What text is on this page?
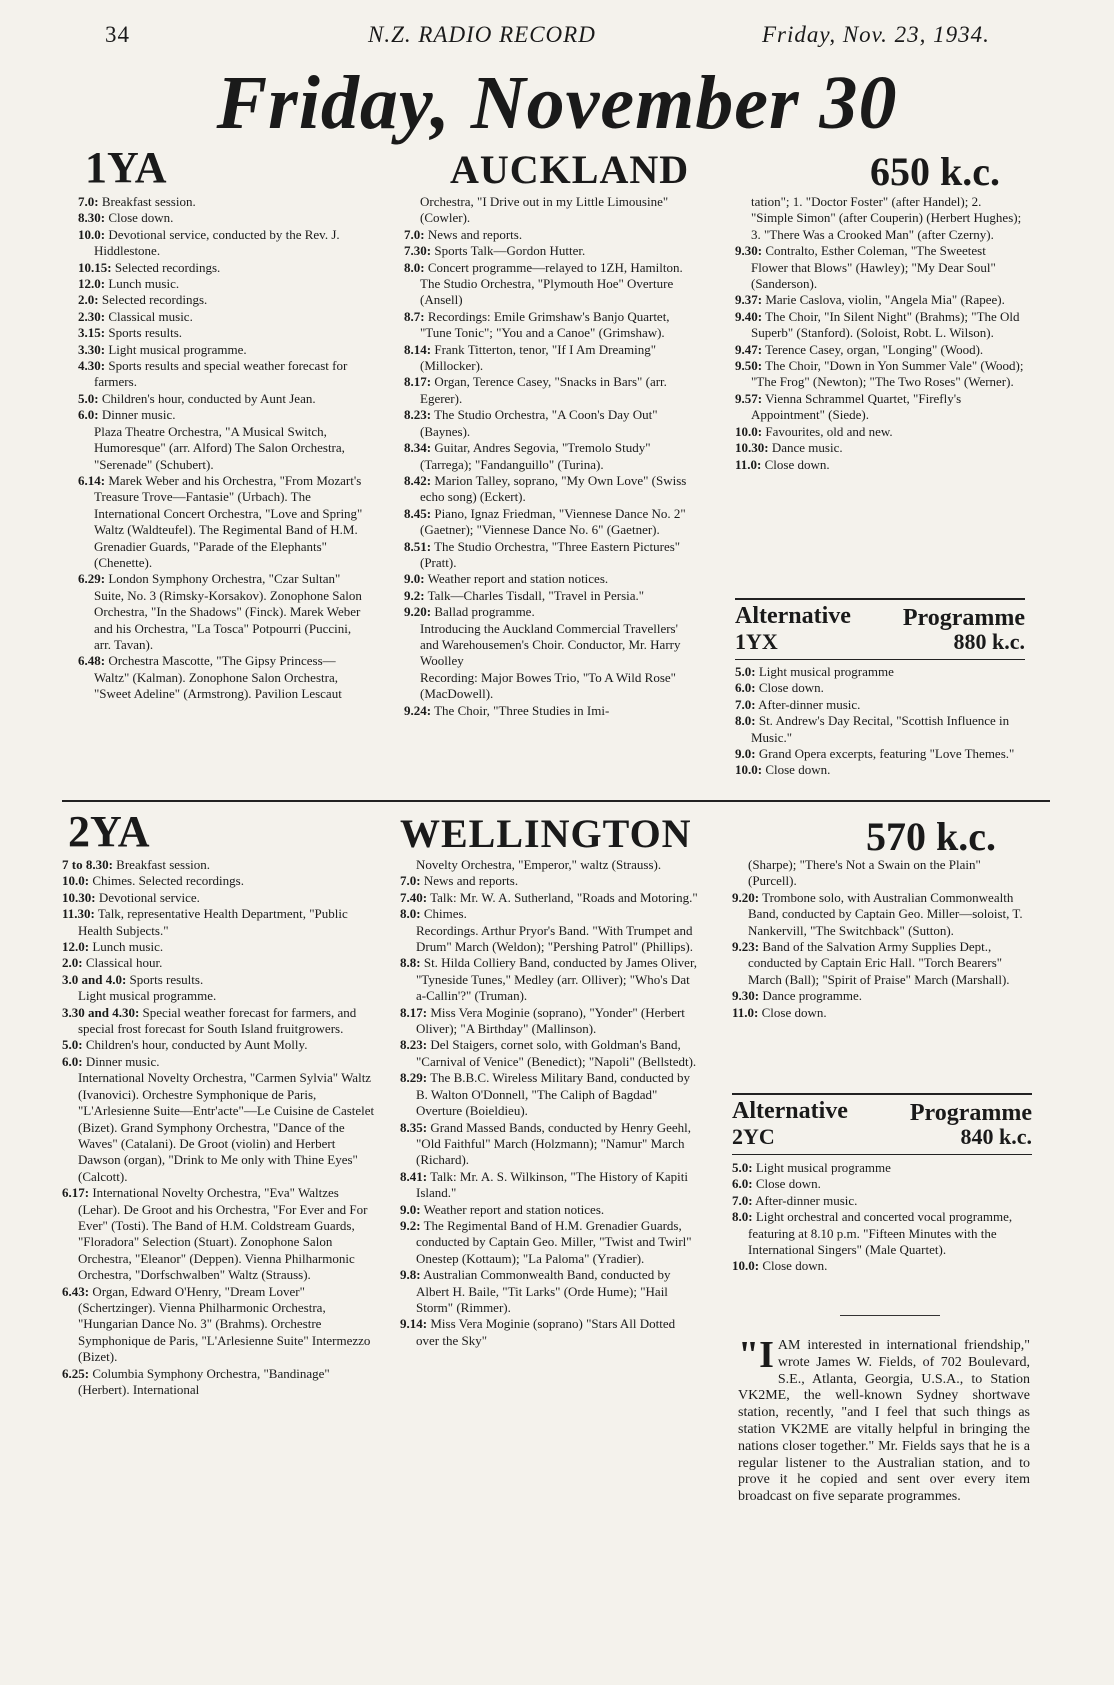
34	N.Z. RADIO RECORD	Friday, Nov. 23, 1934.
Friday, November 30
1YA	AUCKLAND	650 k.c.

7.0: Breakfast session.

8.30: Close down.

10.0: Devotional service, conducted by the Rev. J. Hiddlestone.

10.15: Selected recordings.

12.0: Lunch music.

2.0: Selected recordings.

2.30: Classical music.

3.15: Sports results.

3.30: Light musical programme.

4.30: Sports results and special weather forecast for farmers.

5.0: Children's hour, conducted by Aunt Jean.

6.0: Dinner music.

Plaza Theatre Orchestra, "A Musical Switch, Humoresque" (arr. Alford) The Salon Orchestra, "Serenade" (Schubert).

6.14: Marek Weber and his Orchestra, "From Mozart's Treasure Trove—Fantasie" (Urbach). The International Concert Orchestra, "Love and Spring" Waltz (Waldteufel). The Regimental Band of H.M. Grenadier Guards, "Parade of the Elephants" (Chenette).

6.29: London Symphony Orchestra, "Czar Sultan" Suite, No. 3 (Rimsky-Korsakov). Zonophone Salon Orchestra, "In the Shadows" (Finck). Marek Weber and his Orchestra, "La Tosca" Potpourri (Puccini, arr. Tavan).

6.48: Orchestra Mascotte, "The Gipsy Princess—Waltz" (Kalman). Zonophone Salon Orchestra, "Sweet Adeline" (Armstrong). Pavilion Lescaut

Orchestra, "I Drive out in my Little Limousine" (Cowler).

7.0: News and reports.

7.30: Sports Talk—Gordon Hutter.

8.0: Concert programme—relayed to 1ZH, Hamilton.

The Studio Orchestra, "Plymouth Hoe" Overture (Ansell)

8.7: Recordings: Emile Grimshaw's Banjo Quartet, "Tune Tonic"; "You and a Canoe" (Grimshaw).

8.14: Frank Titterton, tenor, "If I Am Dreaming" (Millocker).

8.17: Organ, Terence Casey, "Snacks in Bars" (arr. Egerer).

8.23: The Studio Orchestra, "A Coon's Day Out" (Baynes).

8.34: Guitar, Andres Segovia, "Tremolo Study" (Tarrega); "Fandanguillo" (Turina).

8.42: Marion Talley, soprano, "My Own Love" (Swiss echo song) (Eckert).

8.45: Piano, Ignaz Friedman, "Viennese Dance No. 2" (Gaetner); "Viennese Dance No. 6" (Gaetner).

8.51: The Studio Orchestra, "Three Eastern Pictures" (Pratt).

9.0: Weather report and station notices.

9.2: Talk—Charles Tisdall, "Travel in Persia."

9.20: Ballad programme.

Introducing the Auckland Commercial Travellers' and Warehousemen's Choir. Conductor, Mr. Harry Woolley

Recording: Major Bowes Trio, "To A Wild Rose" (MacDowell).

9.24: The Choir, "Three Studies in Imi-

tation"; 1. "Doctor Foster" (after Handel); 2. "Simple Simon" (after Couperin) (Herbert Hughes); 3. "There Was a Crooked Man" (after Czerny).

9.30: Contralto, Esther Coleman, "The Sweetest Flower that Blows" (Hawley); "My Dear Soul" (Sanderson).

9.37: Marie Caslova, violin, "Angela Mia" (Rapee).

9.40: The Choir, "In Silent Night" (Brahms); "The Old Superb" (Stanford). (Soloist, Robt. L. Wilson).

9.47: Terence Casey, organ, "Longing" (Wood).

9.50: The Choir, "Down in Yon Summer Vale" (Wood); "The Frog" (Newton); "The Two Roses" (Werner).

9.57: Vienna Schrammel Quartet, "Firefly's Appointment" (Siede).

10.0: Favourites, old and new.

10.30: Dance music.

11.0: Close down.

Alternative
1YX
Programme
880 k.c.

5.0: Light musical programme

6.0: Close down.

7.0: After-dinner music.

8.0: St. Andrew's Day Recital, "Scottish Influence in Music."

9.0: Grand Opera excerpts, featuring "Love Themes."

10.0: Close down.

2YA	WELLINGTON	570 k.c.

7 to 8.30: Breakfast session.

10.0: Chimes. Selected recordings.

10.30: Devotional service.

11.30: Talk, representative Health Department, "Public Health Subjects."

12.0: Lunch music.

2.0: Classical hour.

3.0 and 4.0: Sports results.

Light musical programme.

3.30 and 4.30: Special weather forecast for farmers, and special frost forecast for South Island fruitgrowers.

5.0: Children's hour, conducted by Aunt Molly.

6.0: Dinner music.

International Novelty Orchestra, "Carmen Sylvia" Waltz (Ivanovici). Orchestre Symphonique de Paris, "L'Arlesienne Suite—Entr'acte"—Le Cuisine de Castelet (Bizet). Grand Symphony Orchestra, "Dance of the Waves" (Catalani). De Groot (violin) and Herbert Dawson (organ), "Drink to Me only with Thine Eyes" (Calcott).

6.17: International Novelty Orchestra, "Eva" Waltzes (Lehar). De Groot and his Orchestra, "For Ever and For Ever" (Tosti). The Band of H.M. Coldstream Guards, "Floradora" Selection (Stuart). Zonophone Salon Orchestra, "Eleanor" (Deppen). Vienna Philharmonic Orchestra, "Dorfschwalben" Waltz (Strauss).

6.43: Organ, Edward O'Henry, "Dream Lover" (Schertzinger). Vienna Philharmonic Orchestra, "Hungarian Dance No. 3" (Brahms). Orchestre Symphonique de Paris, "L'Arlesienne Suite" Intermezzo (Bizet).

6.25: Columbia Symphony Orchestra, "Bandinage" (Herbert). International

Novelty Orchestra, "Emperor," waltz (Strauss).

7.0: News and reports.

7.40: Talk: Mr. W. A. Sutherland, "Roads and Motoring."

8.0: Chimes.

Recordings. Arthur Pryor's Band. "With Trumpet and Drum" March (Weldon); "Pershing Patrol" (Phillips).

8.8: St. Hilda Colliery Band, conducted by James Oliver, "Tyneside Tunes," Medley (arr. Olliver); "Who's Dat a-Callin'?" (Truman).

8.17: Miss Vera Moginie (soprano), "Yonder" (Herbert Oliver); "A Birthday" (Mallinson).

8.23: Del Staigers, cornet solo, with Goldman's Band, "Carnival of Venice" (Benedict); "Napoli" (Bellstedt).

8.29: The B.B.C. Wireless Military Band, conducted by B. Walton O'Donnell, "The Caliph of Bagdad" Overture (Boieldieu).

8.35: Grand Massed Bands, conducted by Henry Geehl, "Old Faithful" March (Holzmann); "Namur" March (Richard).

8.41: Talk: Mr. A. S. Wilkinson, "The History of Kapiti Island."

9.0: Weather report and station notices.

9.2: The Regimental Band of H.M. Grenadier Guards, conducted by Captain Geo. Miller, "Twist and Twirl" Onestep (Kottaum); "La Paloma" (Yradier).

9.8: Australian Commonwealth Band, conducted by Albert H. Baile, "Tit Larks" (Orde Hume); "Hail Storm" (Rimmer).

9.14: Miss Vera Moginie (soprano) "Stars All Dotted over the Sky"

(Sharpe); "There's Not a Swain on the Plain" (Purcell).

9.20: Trombone solo, with Australian Commonwealth Band, conducted by Captain Geo. Miller—soloist, T. Nankervill, "The Switchback" (Sutton).

9.23: Band of the Salvation Army Supplies Dept., conducted by Captain Eric Hall. "Torch Bearers" March (Ball); "Spirit of Praise" March (Marshall).

9.30: Dance programme.

11.0: Close down.

Alternative
2YC
Programme
840 k.c.

5.0: Light musical programme

6.0: Close down.

7.0: After-dinner music.

8.0: Light orchestral and concerted vocal programme, featuring at 8.10 p.m. "Fifteen Minutes with the International Singers" (Male Quartet).

10.0: Close down.

"IAM interested in international friendship," wrote James W. Fields, of 702 Boulevard, S.E., Atlanta, Georgia, U.S.A., to Station VK2ME, the well-known Sydney shortwave station, recently, "and I feel that such things as station VK2ME are vitally helpful in bringing the nations closer together." Mr. Fields says that he is a regular listener to the Australian station, and to prove it he copied and sent over every item broadcast on five separate programmes.
